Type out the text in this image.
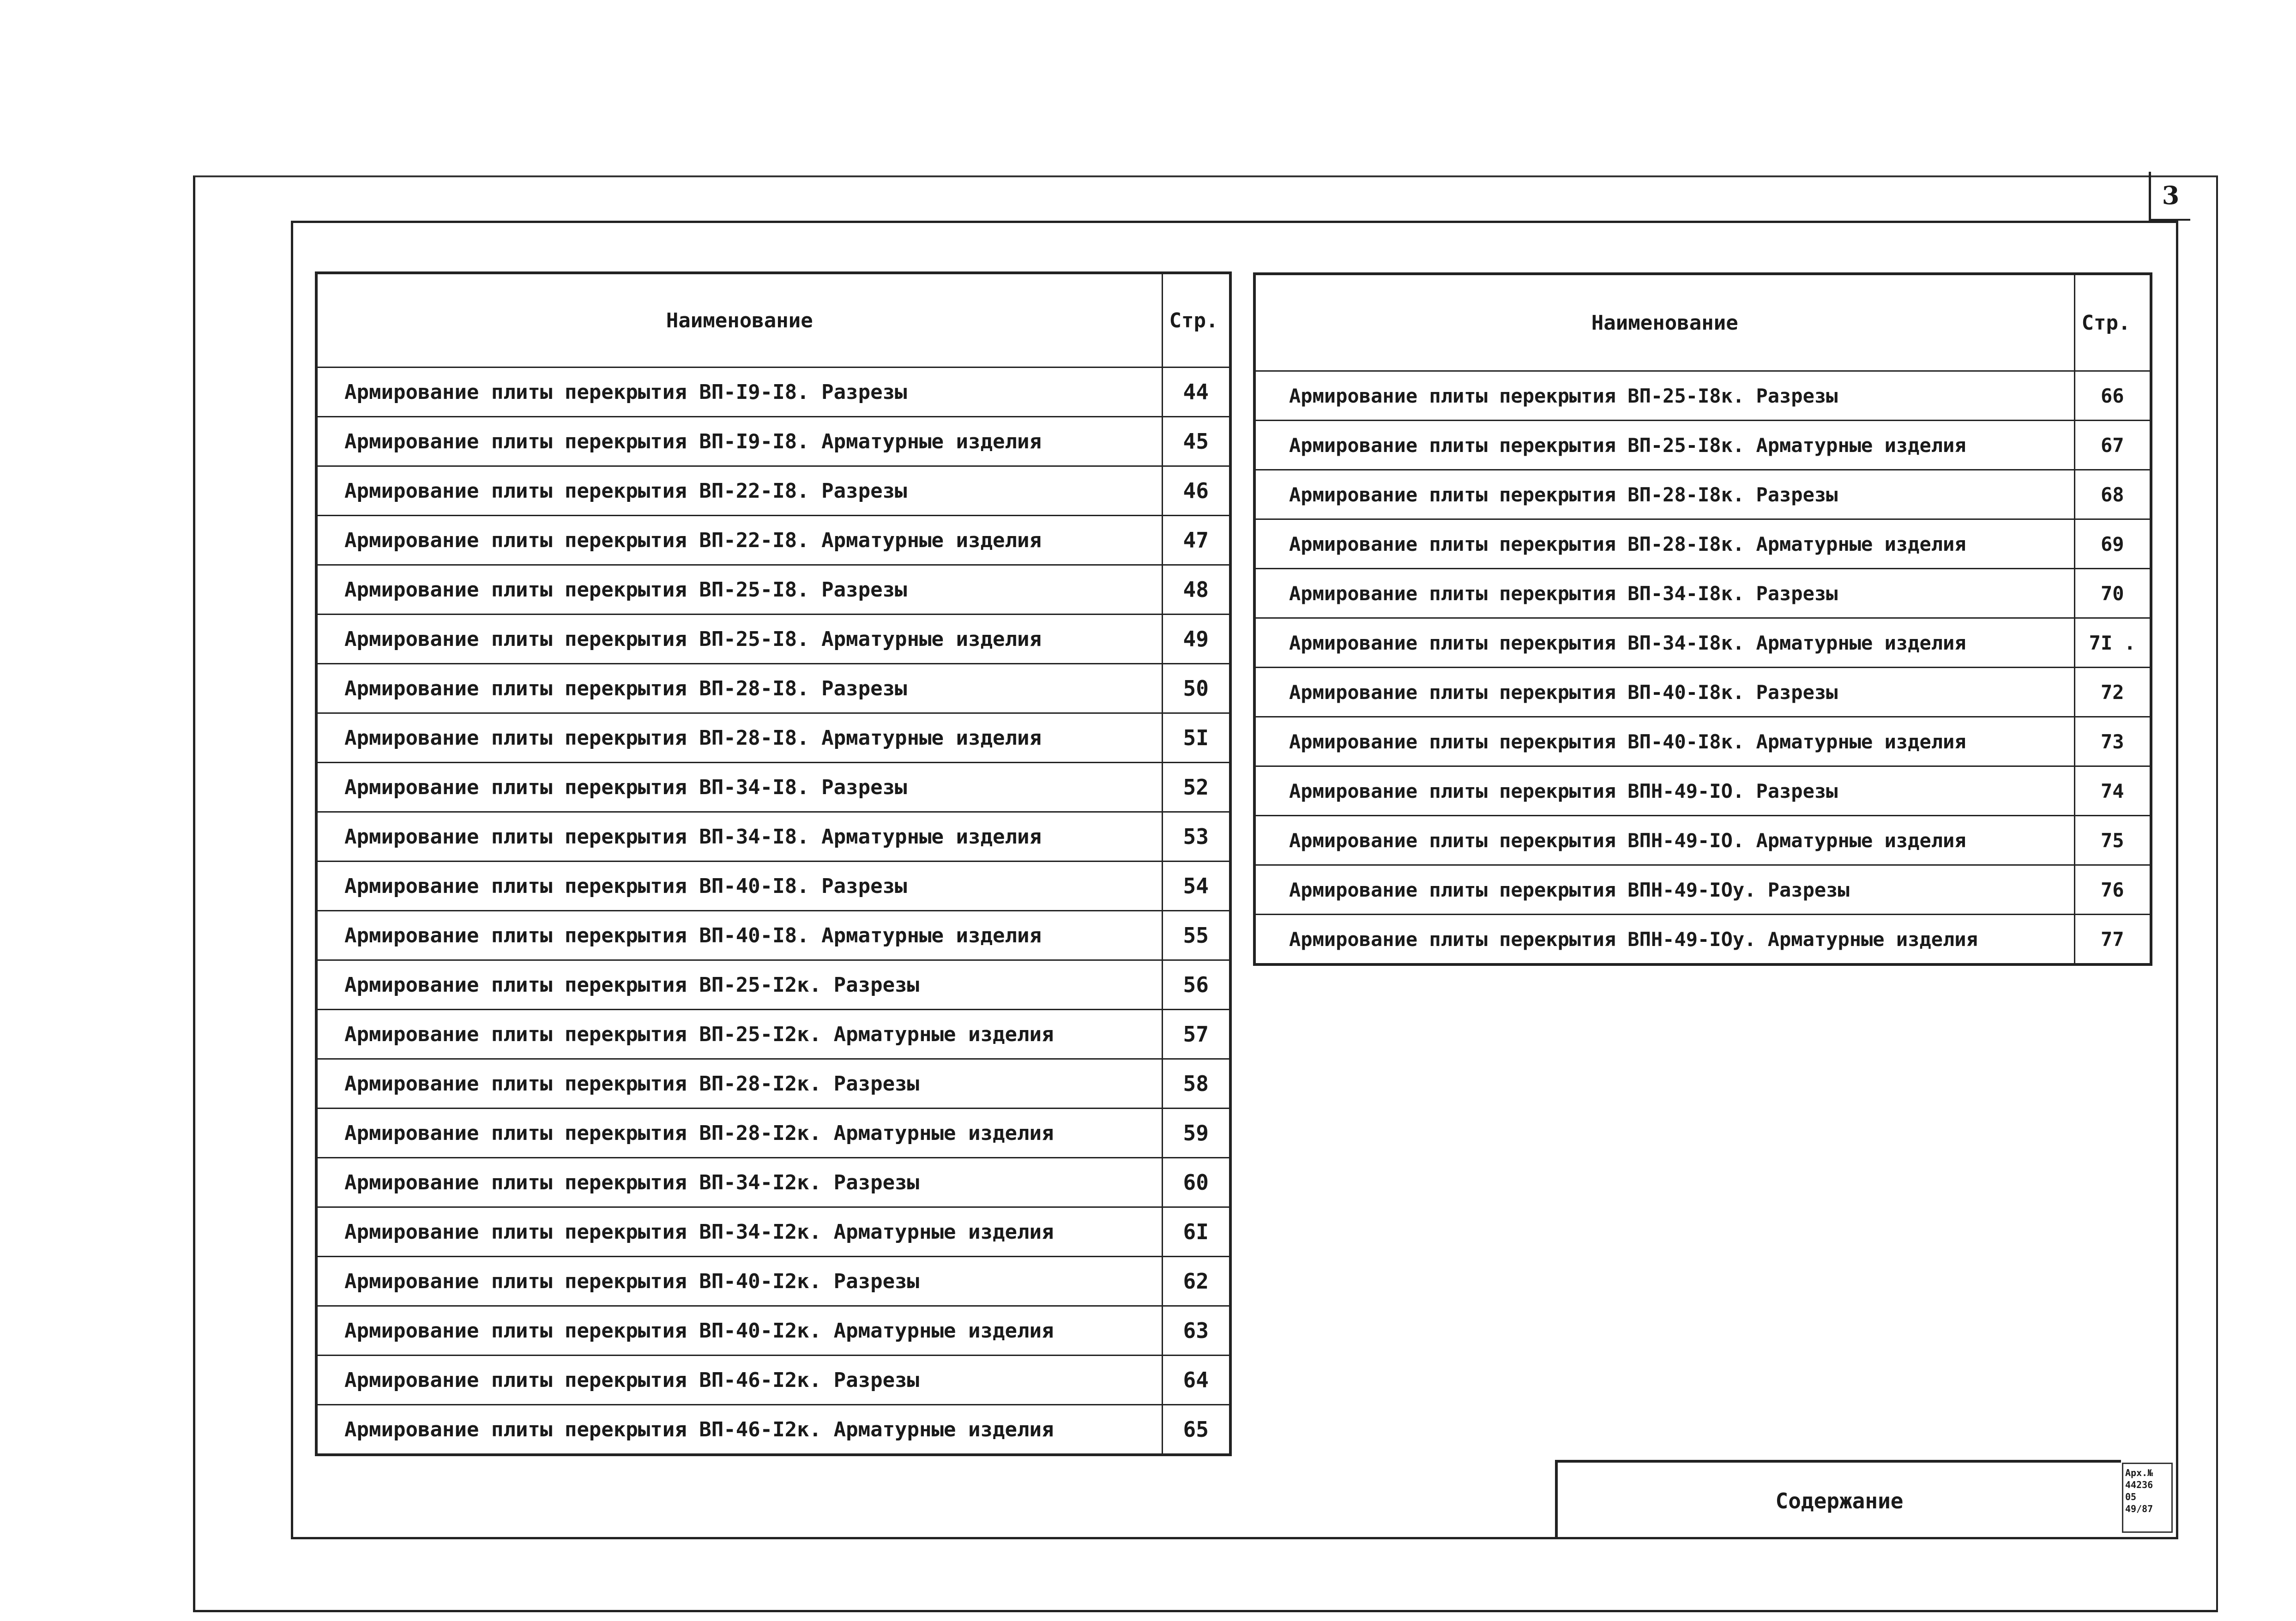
3
Наименование	Стр.
Армирование плиты перекрытия ВП-I9-I8. Разрезы	44
Армирование плиты перекрытия ВП-I9-I8. Арматурные изделия	45
Армирование плиты перекрытия ВП-22-I8. Разрезы	46
Армирование плиты перекрытия ВП-22-I8. Арматурные изделия	47
Армирование плиты перекрытия ВП-25-I8. Разрезы	48
Армирование плиты перекрытия ВП-25-I8. Арматурные изделия	49
Армирование плиты перекрытия ВП-28-I8. Разрезы	50
Армирование плиты перекрытия ВП-28-I8. Арматурные изделия	5I
Армирование плиты перекрытия ВП-34-I8. Разрезы	52
Армирование плиты перекрытия ВП-34-I8. Арматурные изделия	53
Армирование плиты перекрытия ВП-40-I8. Разрезы	54
Армирование плиты перекрытия ВП-40-I8. Арматурные изделия	55
Армирование плиты перекрытия ВП-25-I2к. Разрезы	56
Армирование плиты перекрытия ВП-25-I2к. Арматурные изделия	57
Армирование плиты перекрытия ВП-28-I2к. Разрезы	58
Армирование плиты перекрытия ВП-28-I2к. Арматурные изделия	59
Армирование плиты перекрытия ВП-34-I2к. Разрезы	60
Армирование плиты перекрытия ВП-34-I2к. Арматурные изделия	6I
Армирование плиты перекрытия ВП-40-I2к. Разрезы	62
Армирование плиты перекрытия ВП-40-I2к. Арматурные изделия	63
Армирование плиты перекрытия ВП-46-I2к. Разрезы	64
Армирование плиты перекрытия ВП-46-I2к. Арматурные изделия	65
Наименование	Стр.
Армирование плиты перекрытия ВП-25-I8к. Разрезы	66
Армирование плиты перекрытия ВП-25-I8к. Арматурные изделия	67
Армирование плиты перекрытия ВП-28-I8к. Разрезы	68
Армирование плиты перекрытия ВП-28-I8к. Арматурные изделия	69
Армирование плиты перекрытия ВП-34-I8к. Разрезы	70
Армирование плиты перекрытия ВП-34-I8к. Арматурные изделия	7I .
Армирование плиты перекрытия ВП-40-I8к. Разрезы	72
Армирование плиты перекрытия ВП-40-I8к. Арматурные изделия	73
Армирование плиты перекрытия ВПН-49-IO. Разрезы	74
Армирование плиты перекрытия ВПН-49-IO. Арматурные изделия	75
Армирование плиты перекрытия ВПН-49-IOу. Разрезы	76
Армирование плиты перекрытия ВПН-49-IOу. Арматурные изделия	77
Содержание
Арх.№
44236
05
49/87
